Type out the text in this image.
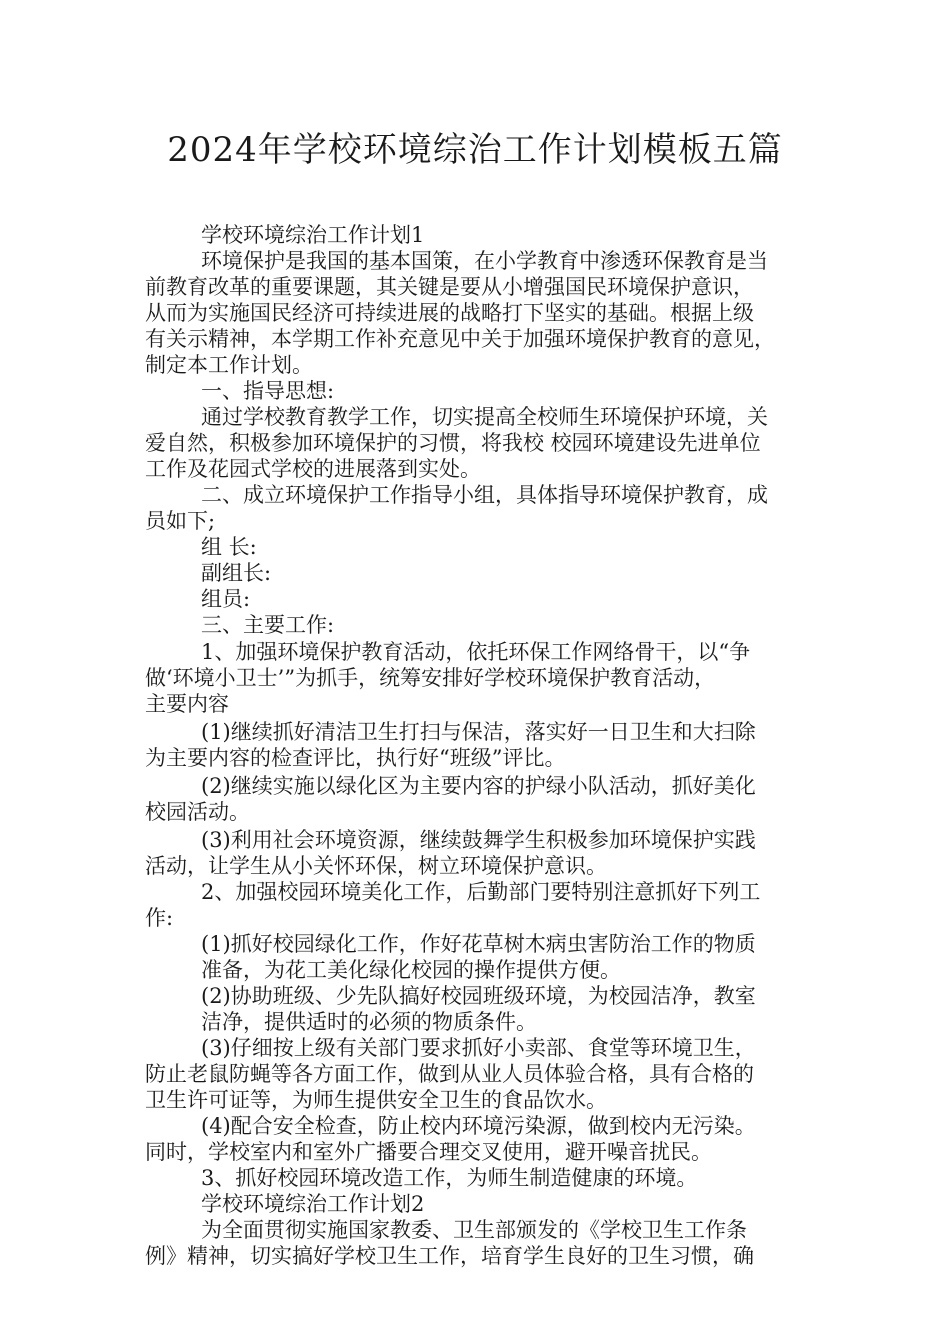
2024年学校环境综治工作计划模板五篇

学校环境综治工作计划1

环境保护是我国的基本国策，在小学教育中渗透环保教育是当

前教育改革的重要课题，其关键是要从小增强国民环境保护意识，

从而为实施国民经济可持续进展的战略打下坚实的基础。根据上级

有关示精神，本学期工作补充意见中关于加强环境保护教育的意见，

制定本工作计划。

一、指导思想:

通过学校教育教学工作，切实提高全校师生环境保护环境，关

爱自然，积极参加环境保护的习惯，将我校 校园环境建设先进单位

工作及花园式学校的进展落到实处。

二、成立环境保护工作指导小组，具体指导环境保护教育，成

员如下;

组 长:

副组长:

组员:

三、主要工作:

1、加强环境保护教育活动，依托环保工作网络骨干，以“争

做‘环境小卫士’”为抓手，统筹安排好学校环境保护教育活动，

主要内容

(1)继续抓好清洁卫生打扫与保洁，落实好一日卫生和大扫除

为主要内容的检查评比，执行好“班级”评比。

(2)继续实施以绿化区为主要内容的护绿小队活动，抓好美化

校园活动。

(3)利用社会环境资源，继续鼓舞学生积极参加环境保护实践

活动，让学生从小关怀环保，树立环境保护意识。

2、加强校园环境美化工作，后勤部门要特别注意抓好下列工

作:

(1)抓好校园绿化工作，作好花草树木病虫害防治工作的物质

准备，为花工美化绿化校园的操作提供方便。

(2)协助班级、少先队搞好校园班级环境，为校园洁净，教室

洁净，提供适时的必须的物质条件。

(3)仔细按上级有关部门要求抓好小卖部、食堂等环境卫生，

防止老鼠防蝇等各方面工作，做到从业人员体验合格，具有合格的

卫生许可证等，为师生提供安全卫生的食品饮水。

(4)配合安全检查，防止校内环境污染源，做到校内无污染。

同时，学校室内和室外广播要合理交叉使用，避开噪音扰民。

3、抓好校园环境改造工作，为师生制造健康的环境。

学校环境综治工作计划2

为全面贯彻实施国家教委、卫生部颁发的《学校卫生工作条

例》精神，切实搞好学校卫生工作，培育学生良好的卫生习惯，确
